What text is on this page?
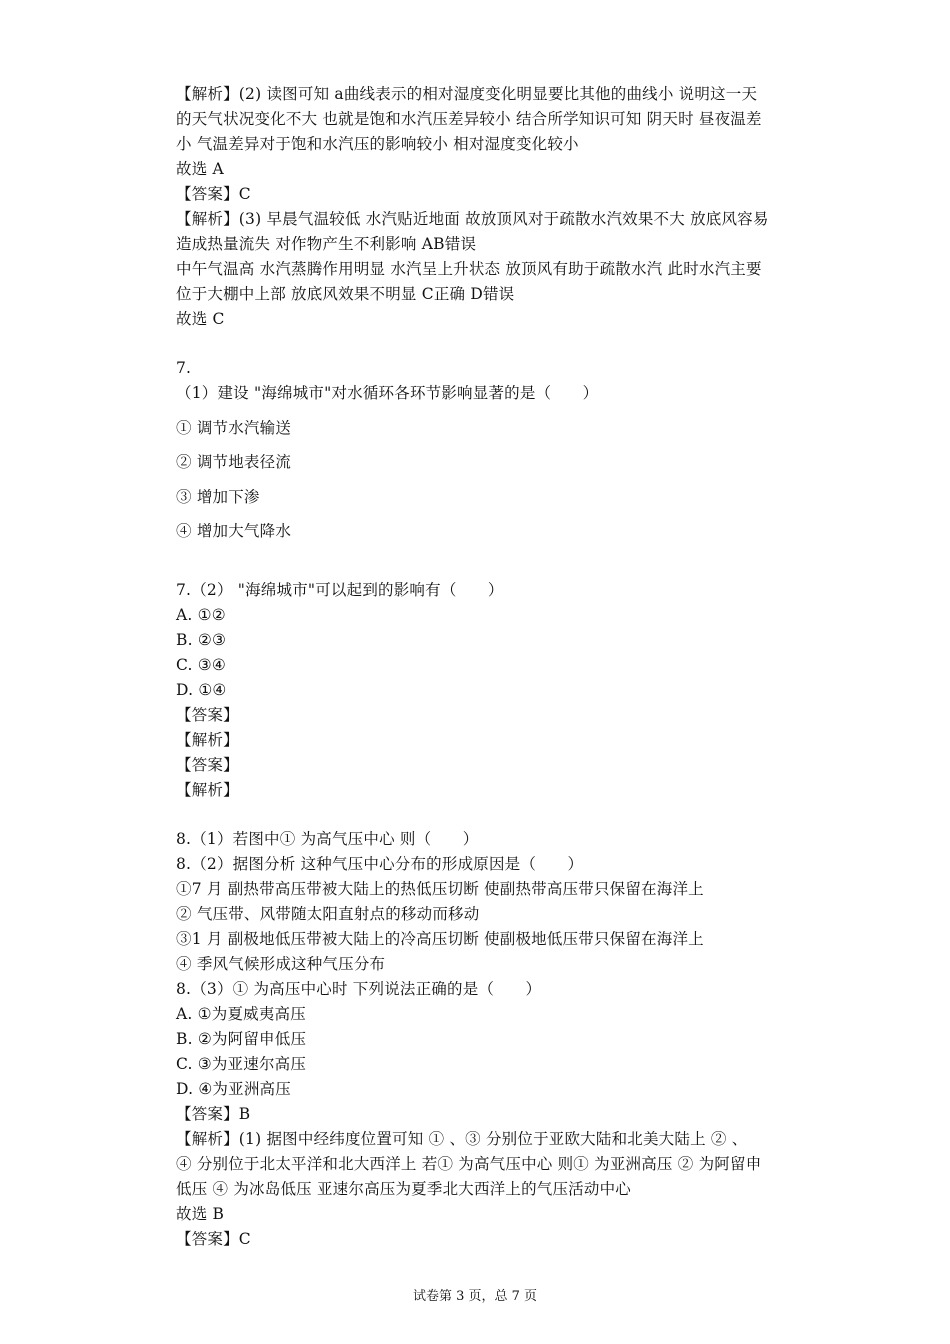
【解析】(2) 读图可知 a曲线表示的相对湿度变化明显要比其他的曲线小 说明这一天
的天气状况变化不大 也就是饱和水汽压差异较小 结合所学知识可知 阴天时 昼夜温差
小 气温差异对于饱和水汽压的影响较小 相对湿度变化较小
故选 A
【答案】C
【解析】(3) 早晨气温较低 水汽贴近地面 故放顶风对于疏散水汽效果不大 放底风容易
造成热量流失 对作物产生不利影响 AB错误
中午气温高 水汽蒸腾作用明显 水汽呈上升状态 放顶风有助于疏散水汽 此时水汽主要
位于大棚中上部 放底风效果不明显 C正确 D错误
故选 C
7.
（1）建设 "海绵城市"对水循环各环节影响显著的是（　　）
① 调节水汽输送
② 调节地表径流
③ 增加下渗
④ 增加大气降水
7.（2） "海绵城市"可以起到的影响有（　　）
A. ①②
B. ②③
C. ③④
D. ①④
【答案】
【解析】
【答案】
【解析】
8.（1）若图中① 为高气压中心 则（　　）
8.（2）据图分析 这种气压中心分布的形成原因是（　　）
①7 月 副热带高压带被大陆上的热低压切断 使副热带高压带只保留在海洋上
② 气压带、风带随太阳直射点的移动而移动
③1 月 副极地低压带被大陆上的冷高压切断 使副极地低压带只保留在海洋上
④ 季风气候形成这种气压分布
8.（3）① 为高压中心时 下列说法正确的是（　　）
A. ①为夏威夷高压
B. ②为阿留申低压
C. ③为亚速尔高压
D. ④为亚洲高压
【答案】B
【解析】(1) 据图中经纬度位置可知 ① 、③ 分别位于亚欧大陆和北美大陆上 ② 、
④ 分别位于北太平洋和北大西洋上 若① 为高气压中心 则① 为亚洲高压 ② 为阿留申
低压 ④ 为冰岛低压 亚速尔高压为夏季北大西洋上的气压活动中心
故选 B
【答案】C
试卷第 3 页，总 7 页
